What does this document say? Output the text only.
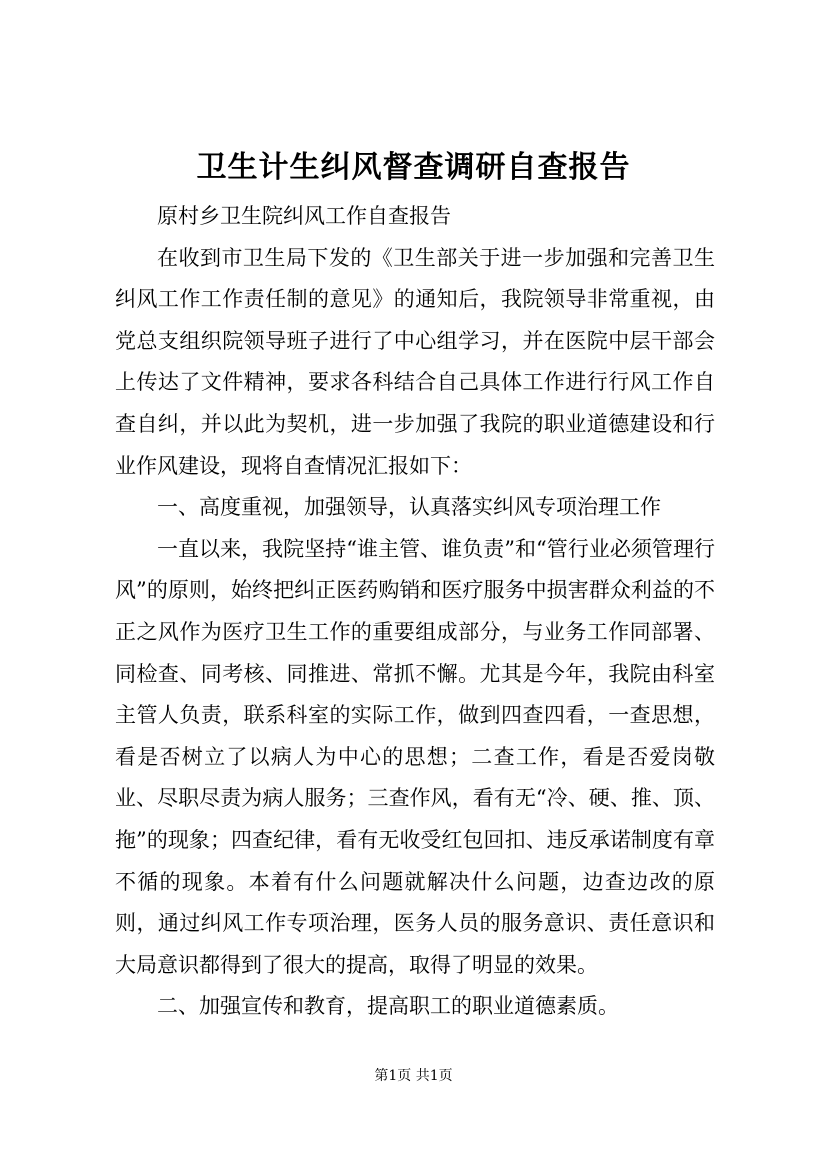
卫生计生纠风督查调研自查报告

原村乡卫生院纠风工作自查报告

在收到市卫生局下发的《卫生部关于进一步加强和完善卫生纠风工作工作责任制的意见》的通知后，我院领导非常重视，由党总支组织院领导班子进行了中心组学习，并在医院中层干部会上传达了文件精神，要求各科结合自己具体工作进行行风工作自查自纠，并以此为契机，进一步加强了我院的职业道德建设和行业作风建设，现将自查情况汇报如下：

一、高度重视，加强领导，认真落实纠风专项治理工作

一直以来，我院坚持“谁主管、谁负责”和“管行业必须管理行风”的原则，始终把纠正医药购销和医疗服务中损害群众利益的不正之风作为医疗卫生工作的重要组成部分，与业务工作同部署、同检查、同考核、同推进、常抓不懈。尤其是今年，我院由科室主管人负责，联系科室的实际工作，做到四查四看，一查思想，看是否树立了以病人为中心的思想；二查工作，看是否爱岗敬业、尽职尽责为病人服务；三查作风，看有无“冷、硬、推、顶、拖”的现象；四查纪律，看有无收受红包回扣、违反承诺制度有章不循的现象。本着有什么问题就解决什么问题，边查边改的原则，通过纠风工作专项治理，医务人员的服务意识、责任意识和大局意识都得到了很大的提高，取得了明显的效果。

二、加强宣传和教育，提高职工的职业道德素质。

第1页 共1页
